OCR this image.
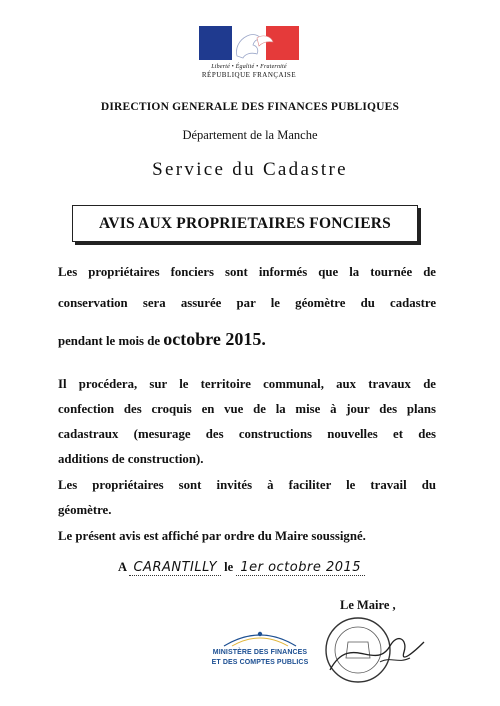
Liberté • Égalité • Fraternité
RÉPUBLIQUE FRANÇAISE
DIRECTION GENERALE DES FINANCES PUBLIQUES
Département de la Manche
Service du Cadastre
AVIS AUX PROPRIETAIRES FONCIERS
Les propriétaires fonciers sont informés que la tournée de
conservation sera assurée par le géomètre du cadastre
pendant le mois de octobre 2015.
Il procédera, sur le territoire communal, aux travaux de
confection des croquis en vue de la mise à jour des plans
cadastraux (mesurage des constructions nouvelles et des
additions de construction).
Les propriétaires sont invités à faciliter le travail du
géomètre.
Le présent avis est affiché par ordre du Maire soussigné.
A CARANTILLY le 1er octobre 2015
Le Maire ,
MINISTÈRE DES FINANCES
ET DES COMPTES PUBLICS
